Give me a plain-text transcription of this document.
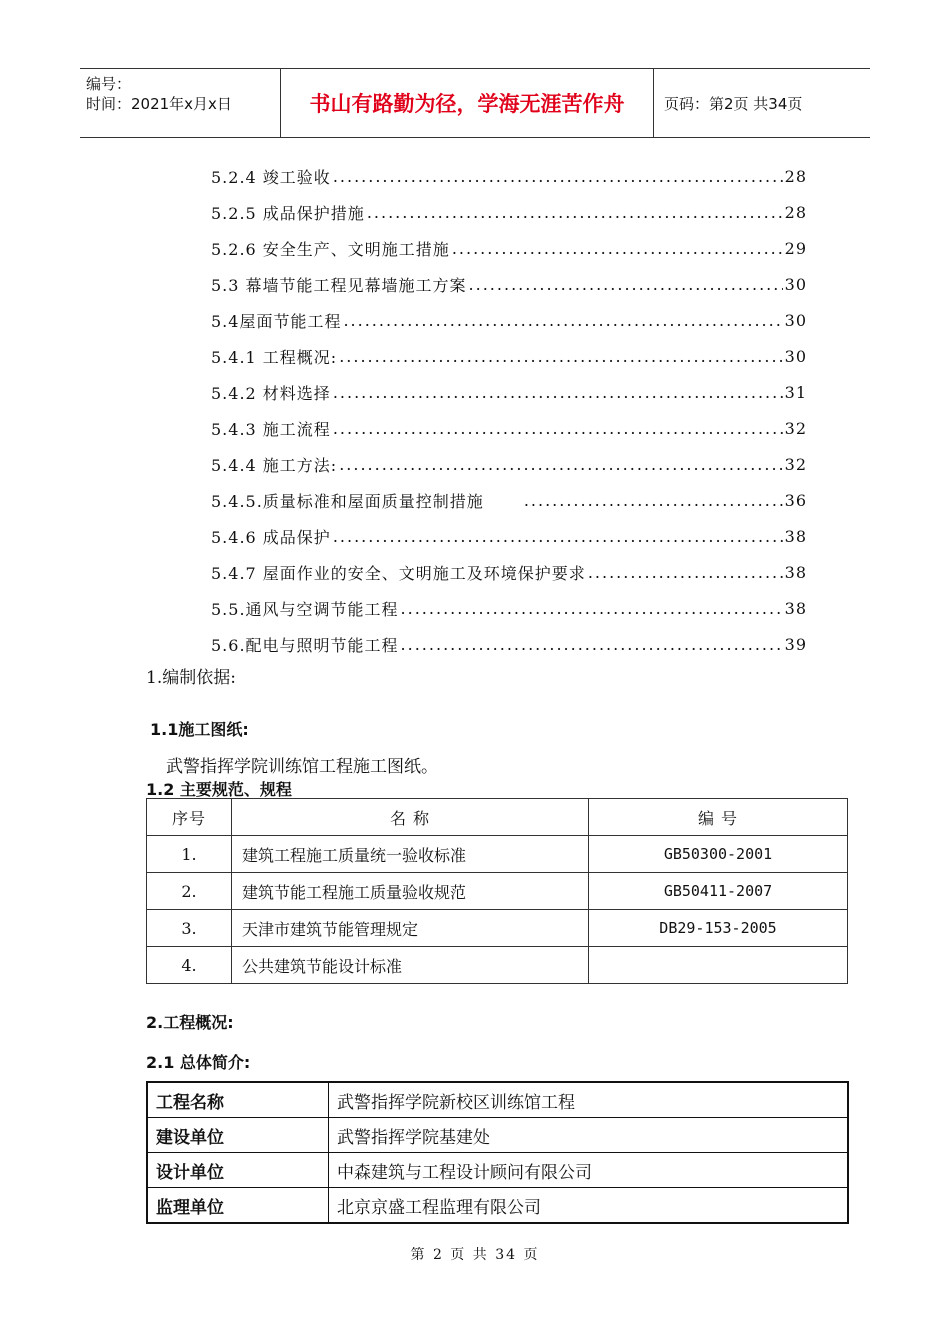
编号：
时间：2021年x月x日	书山有路勤为径，学海无涯苦作舟	页码：第2页 共34页
5.2.4 竣工验收 .....	28
5.2.5 成品保护措施 .....	28
5.2.6 安全生产、文明施工措施 .....	29
5.3 幕墙节能工程见幕墙施工方案 .....	30
5.4屋面节能工程 .....	30
5.4.1 工程概况: .....	30
5.4.2 材料选择 .....	31
5.4.3 施工流程 .....	32
5.4.4 施工方法: .....	32
5.4.5.质量标准和屋面质量控制措施 .....	36
5.4.6 成品保护 .....	38
5.4.7 屋面作业的安全、文明施工及环境保护要求 .....	38
5.5.通风与空调节能工程 .....	38
5.6.配电与照明节能工程 .....	39
1.编制依据:
1.1施工图纸:
武警指挥学院训练馆工程施工图纸。
1.2 主要规范、规程
序号	名 称	编 号
1.	建筑工程施工质量统一验收标准	GB50300-2001
2.	建筑节能工程施工质量验收规范	GB50411-2007
3.	天津市建筑节能管理规定	DB29-153-2005
4.	公共建筑节能设计标准	
2.工程概况:
2.1 总体简介:
工程名称	武警指挥学院新校区训练馆工程
建设单位	武警指挥学院基建处
设计单位	中森建筑与工程设计顾问有限公司
监理单位	北京京盛工程监理有限公司
第 2 页 共 34 页
